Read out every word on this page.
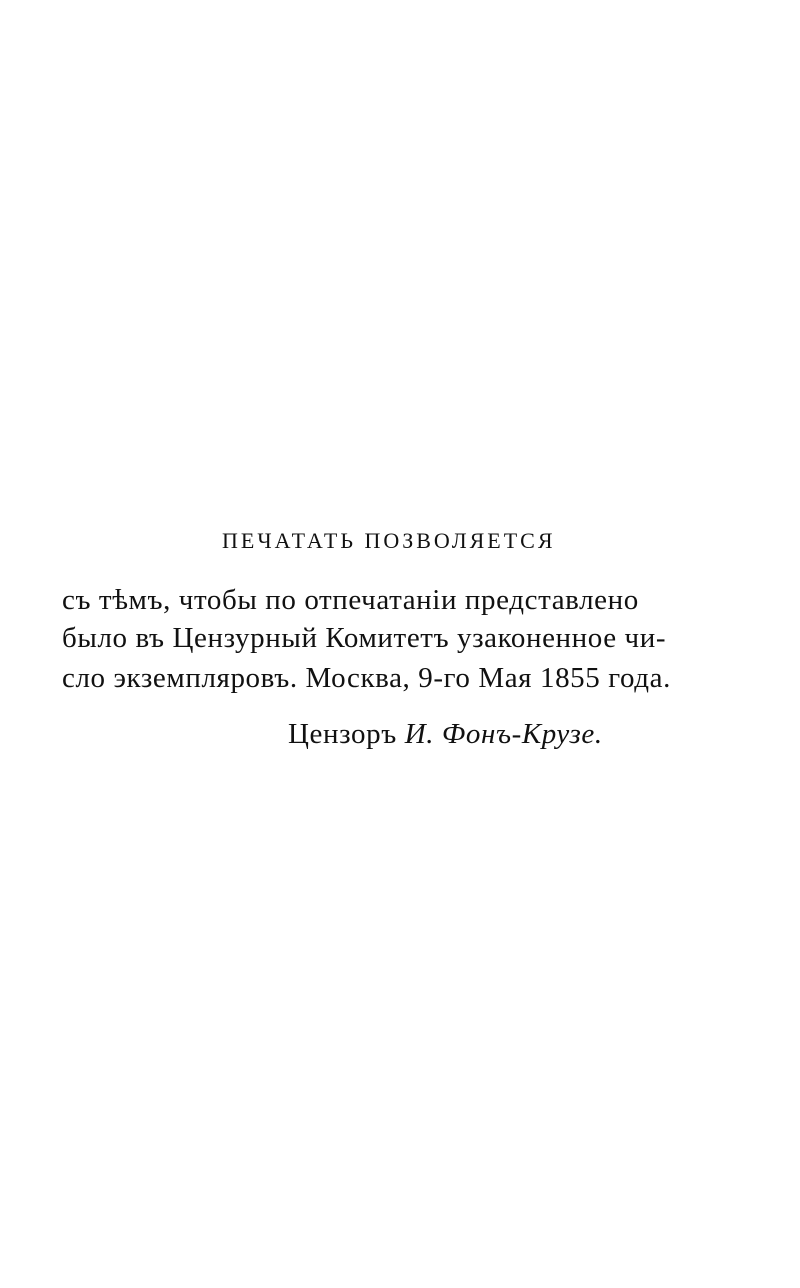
ПЕЧАТАТЬ ПОЗВОЛЯЕТСЯ
съ тѣмъ, чтобы по отпечатаніи представлено
было въ Цензурный Комитетъ узаконенное чи-
сло экземпляровъ. Москва, 9-го Мая 1855 года.
Цензоръ И. Фонъ-Крузе.
